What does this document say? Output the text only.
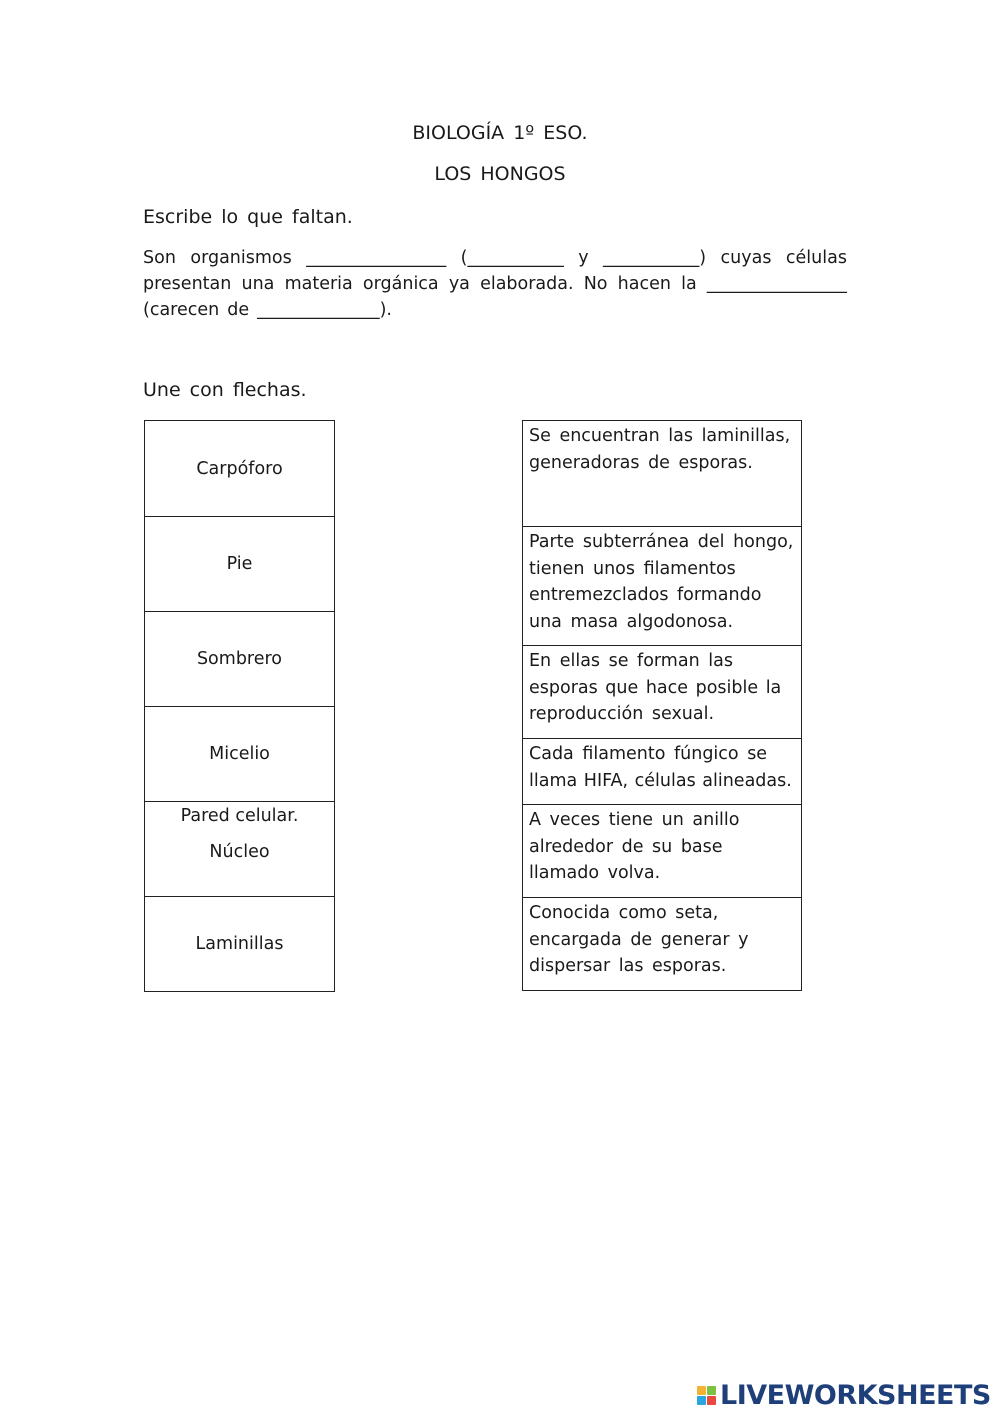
BIOLOGÍA 1º ESO.
LOS HONGOS
Escribe lo que faltan.
Son organismos ________________ (___________ y ___________) cuyas células
presentan una materia orgánica ya elaborada. No hacen la ________________
(carecen de ______________).
Une con flechas.
Carpóforo
Pie
Sombrero
Micelio
Pared celular.
Núcleo
Laminillas
Se encuentran las laminillas,
generadoras de esporas.
Parte subterránea del hongo,
tienen unos filamentos
entremezclados formando
una masa algodonosa.
En ellas se forman las
esporas que hace posible la
reproducción sexual.
Cada filamento fúngico se
llama HIFA, células alineadas.
A veces tiene un anillo
alrededor de su base
llamado volva.
Conocida como seta,
encargada de generar y
dispersar las esporas.
LIVEWORKSHEETS
